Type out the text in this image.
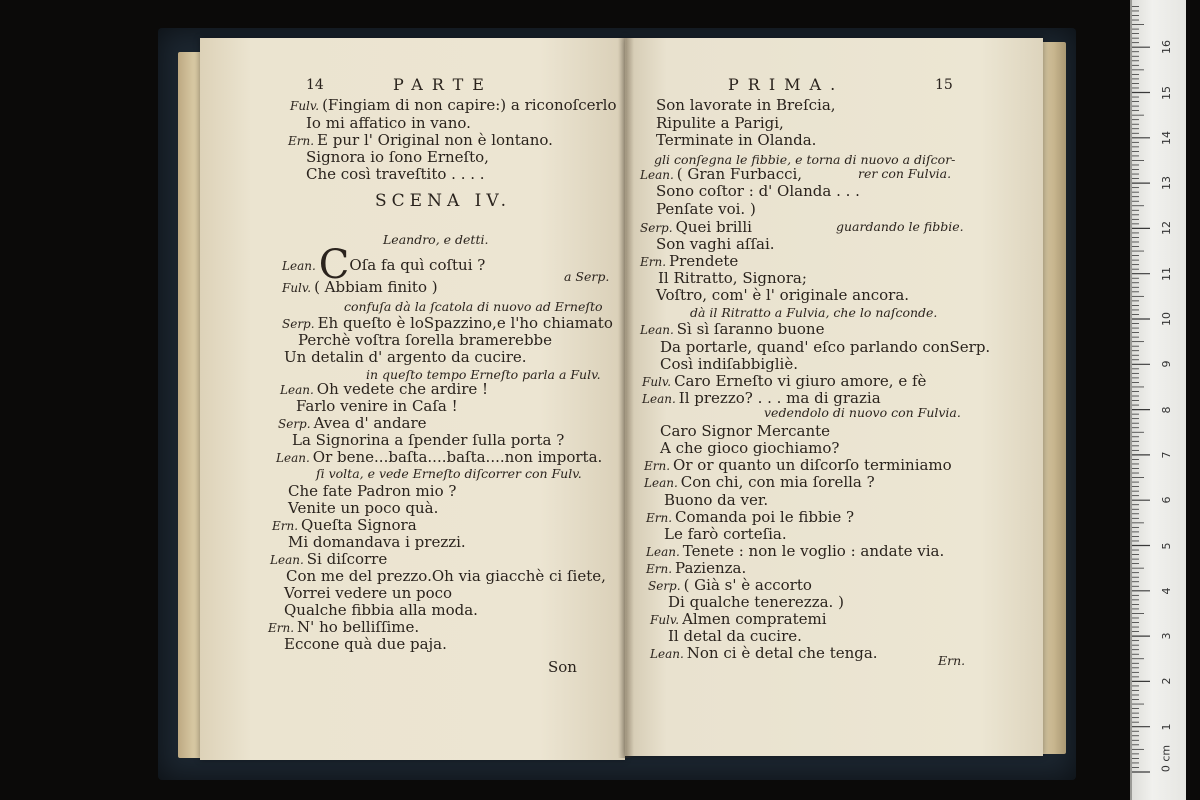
14	PARTE
Fulv. (Fingiam di non capire:) a riconoſcerlo
Io mi affatico in vano.
Ern. E pur l' Original non è lontano.
Signora io ſono Erneſto,
Che così traveſtito . . . .
SCENA IV.
Leandro, e detti.
Lean.COſa fa quì coſtui ?
a Serp.
Fulv. ( Abbiam finito )
confuſa dà la ſcatola di nuovo ad Erneſto
Serp. Eh queſto è loSpazzino,e l'ho chiamato
Perchè voſtra ſorella bramerebbe
Un detalin d' argento da cucire.
in queſto tempo Erneſto parla a Fulv.
Lean. Oh vedete che ardire !
Farlo venire in Caſa !
Serp. Avea d' andare
La Signorina a ſpender ſulla porta ?
Lean. Or bene...baſta....baſta....non importa.
ſi volta, e vede Erneſto diſcorrer con Fulv.
Che fate Padron mio ?
Venite un poco quà.
Ern. Queſta Signora
Mi domandava i prezzi.
Lean. Si diſcorre
Con me del prezzo.Oh via giacchè ci ſiete,
Vorrei vedere un poco
Qualche fibbia alla moda.
Ern. N' ho belliſſime.
Eccone quà due paja.
Son
PRIMA.	15
Son lavorate in Breſcia,
Ripulite a Parigi,
Terminate in Olanda.
gli conſegna le fibbie, e torna di nuovo a diſcor-
Lean. ( Gran Furbacci,	rer con Fulvia.
Sono coſtor : d' Olanda . . .
Penſate voi. )
Serp. Quei brilli	guardando le fibbie.
Son vaghi aſſai.
Ern. Prendete
Il Ritratto, Signora;
Voſtro, com' è l' originale ancora.
dà il Ritratto a Fulvia, che lo naſconde.
Lean. Sì sì ſaranno buone
Da portarle, quand' eſco parlando conSerp.
Così indiſabbigliè.
Fulv. Caro Erneſto vi giuro amore, e fè
Lean. Il prezzo? . . . ma di grazia
vedendolo di nuovo con Fulvia.
Caro Signor Mercante
A che gioco giochiamo?
Ern. Or or quanto un diſcorſo terminiamo
Lean. Con chi, con mia ſorella ?
Buono da ver.
Ern. Comanda poi le fibbie ?
Le farò corteſia.
Lean. Tenete : non le voglio : andate via.
Ern. Pazienza.
Serp. ( Già s' è accorto
Di qualche tenerezza. )
Fulv. Almen compratemi
Il detal da cucire.
Lean. Non ci è detal che tenga.	Ern.
1
2
3
4
5
6
7
8
9
10
11
12
13
14
15
16
0 cm
